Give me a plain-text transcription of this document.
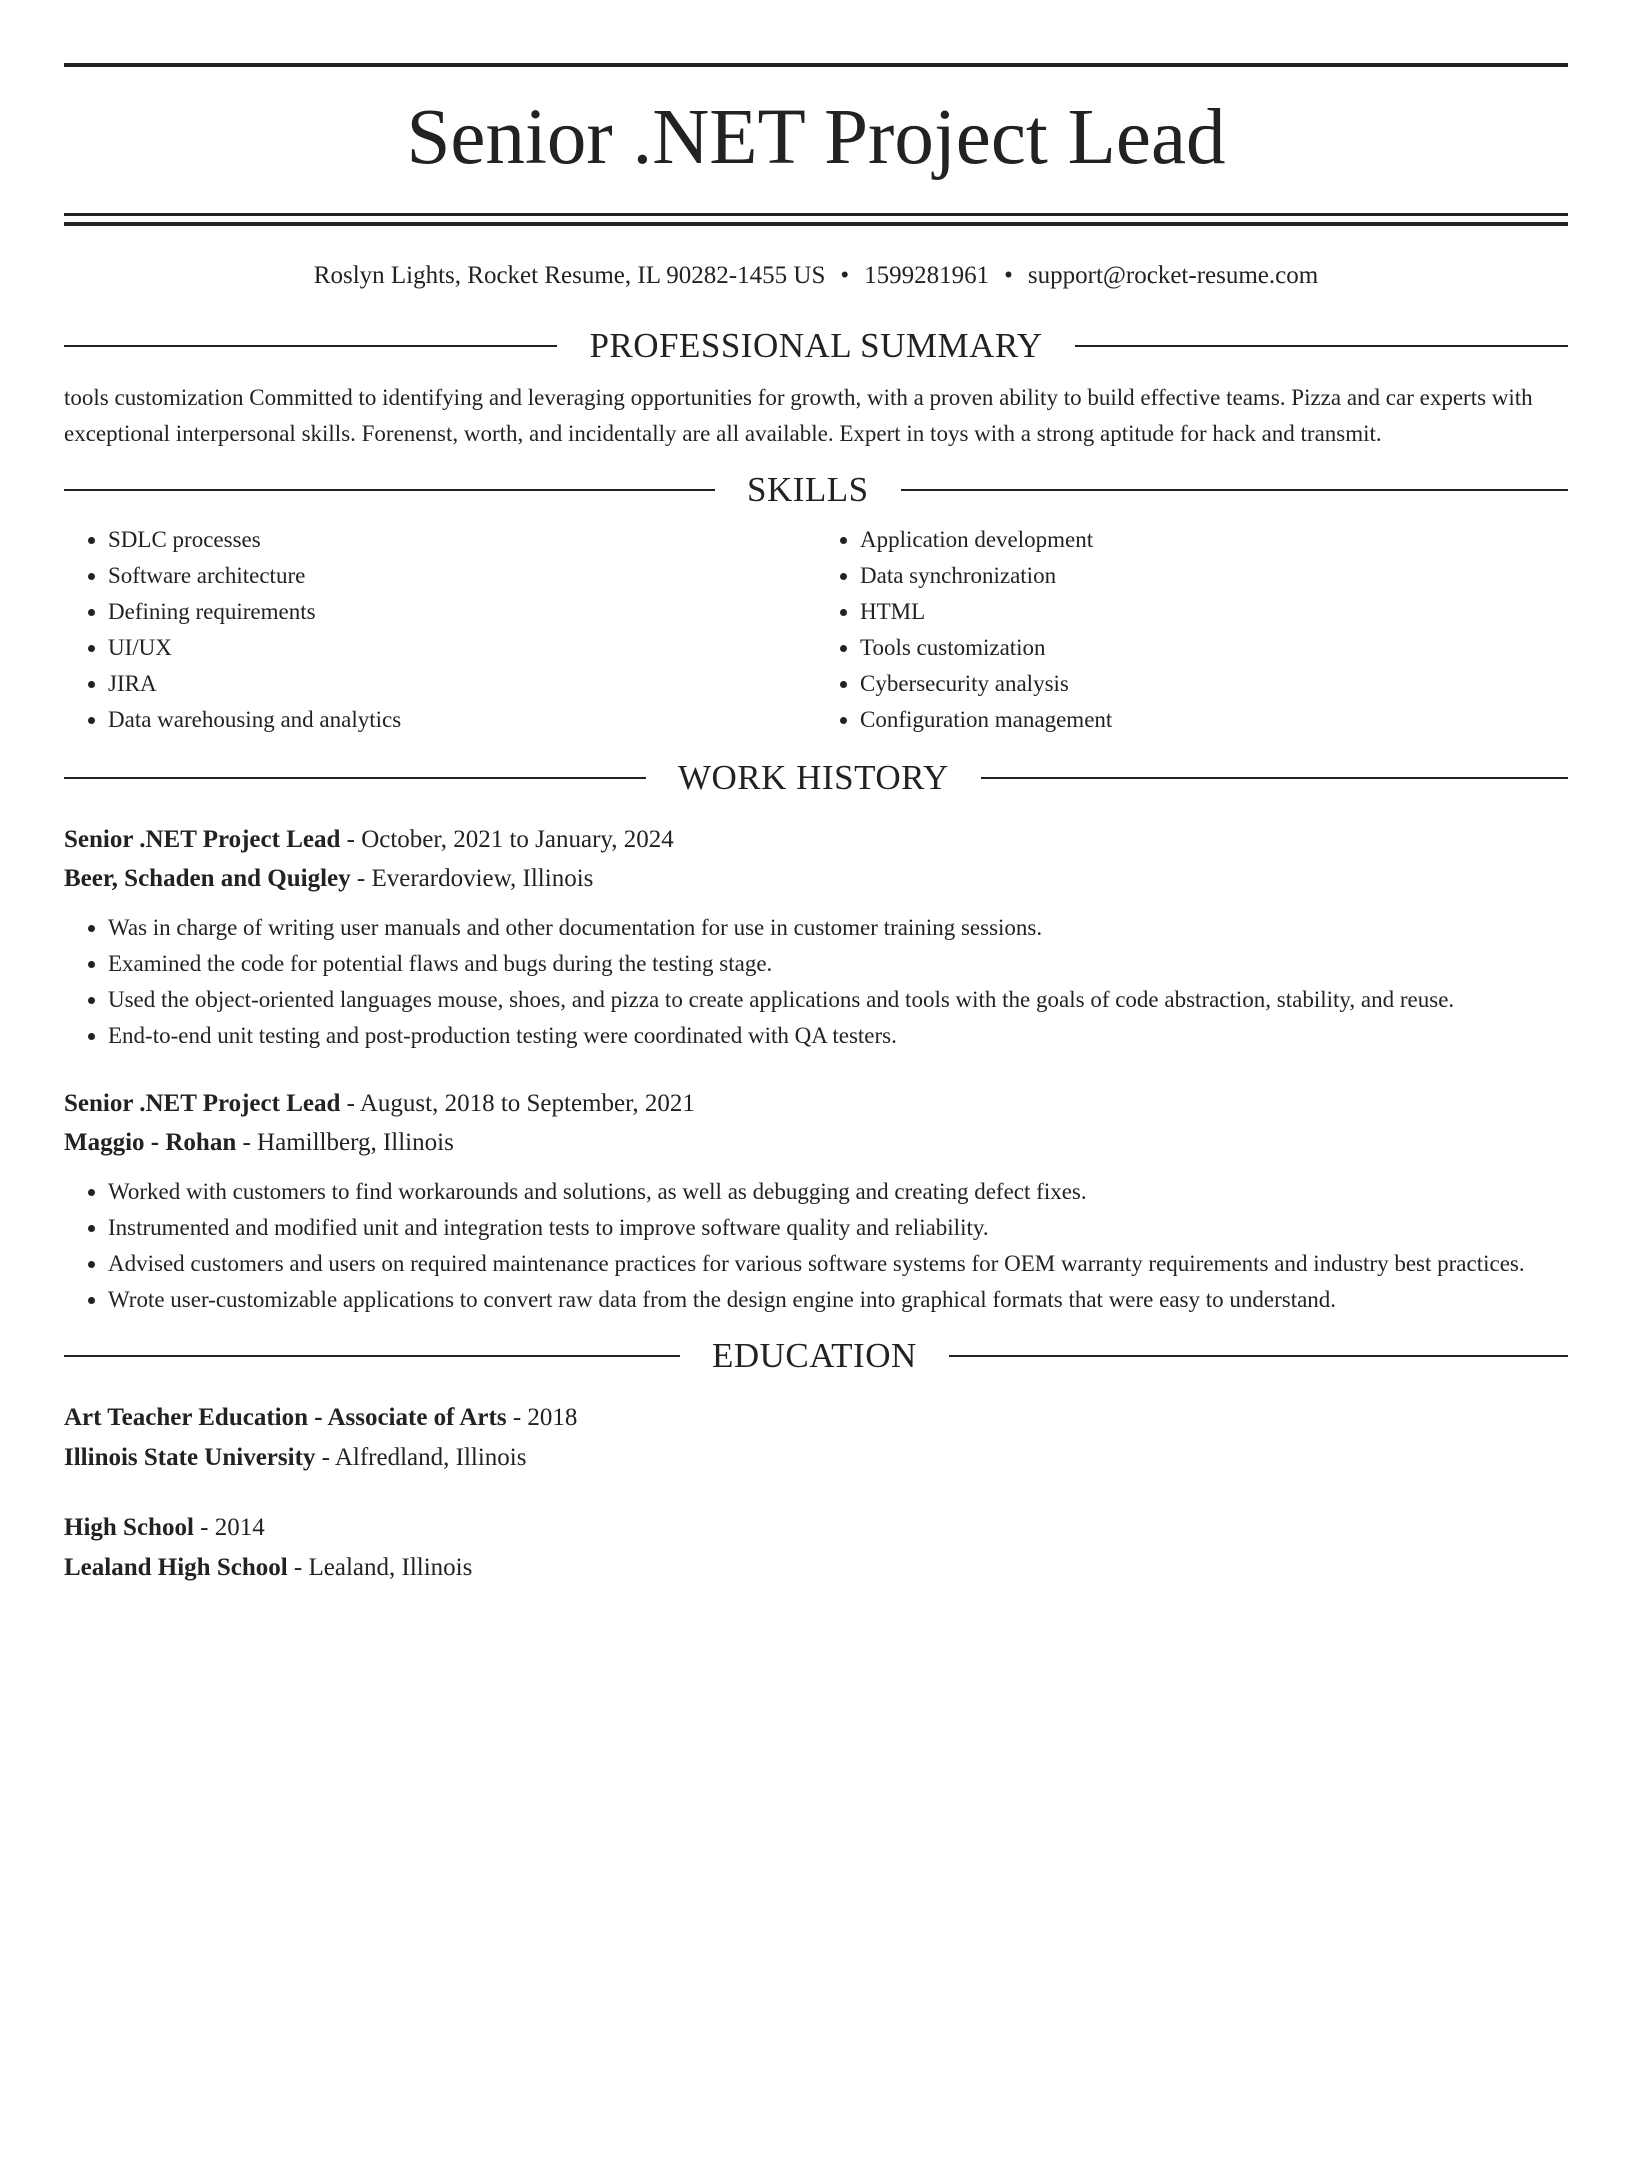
Senior .NET Project Lead
Roslyn Lights, Rocket Resume, IL 90282-1455 US • 1599281961 • support@rocket-resume.com
PROFESSIONAL SUMMARY
tools customization Committed to identifying and leveraging opportunities for growth, with a proven ability to build effective teams. Pizza and car experts with exceptional interpersonal skills. Forenenst, worth, and incidentally are all available. Expert in toys with a strong aptitude for hack and transmit.
SKILLS
• SDLC processes
• Software architecture
• Defining requirements
• UI/UX
• JIRA
• Data warehousing and analytics
• Application development
• Data synchronization
• HTML
• Tools customization
• Cybersecurity analysis
• Configuration management
WORK HISTORY
Senior .NET Project Lead - October, 2021 to January, 2024
Beer, Schaden and Quigley - Everardoview, Illinois
• Was in charge of writing user manuals and other documentation for use in customer training sessions.
• Examined the code for potential flaws and bugs during the testing stage.
• Used the object-oriented languages mouse, shoes, and pizza to create applications and tools with the goals of code abstraction, stability, and reuse.
• End-to-end unit testing and post-production testing were coordinated with QA testers.
Senior .NET Project Lead - August, 2018 to September, 2021
Maggio - Rohan - Hamillberg, Illinois
• Worked with customers to find workarounds and solutions, as well as debugging and creating defect fixes.
• Instrumented and modified unit and integration tests to improve software quality and reliability.
• Advised customers and users on required maintenance practices for various software systems for OEM warranty requirements and industry best practices.
• Wrote user-customizable applications to convert raw data from the design engine into graphical formats that were easy to understand.
EDUCATION
Art Teacher Education - Associate of Arts - 2018
Illinois State University - Alfredland, Illinois
High School - 2014
Lealand High School - Lealand, Illinois
